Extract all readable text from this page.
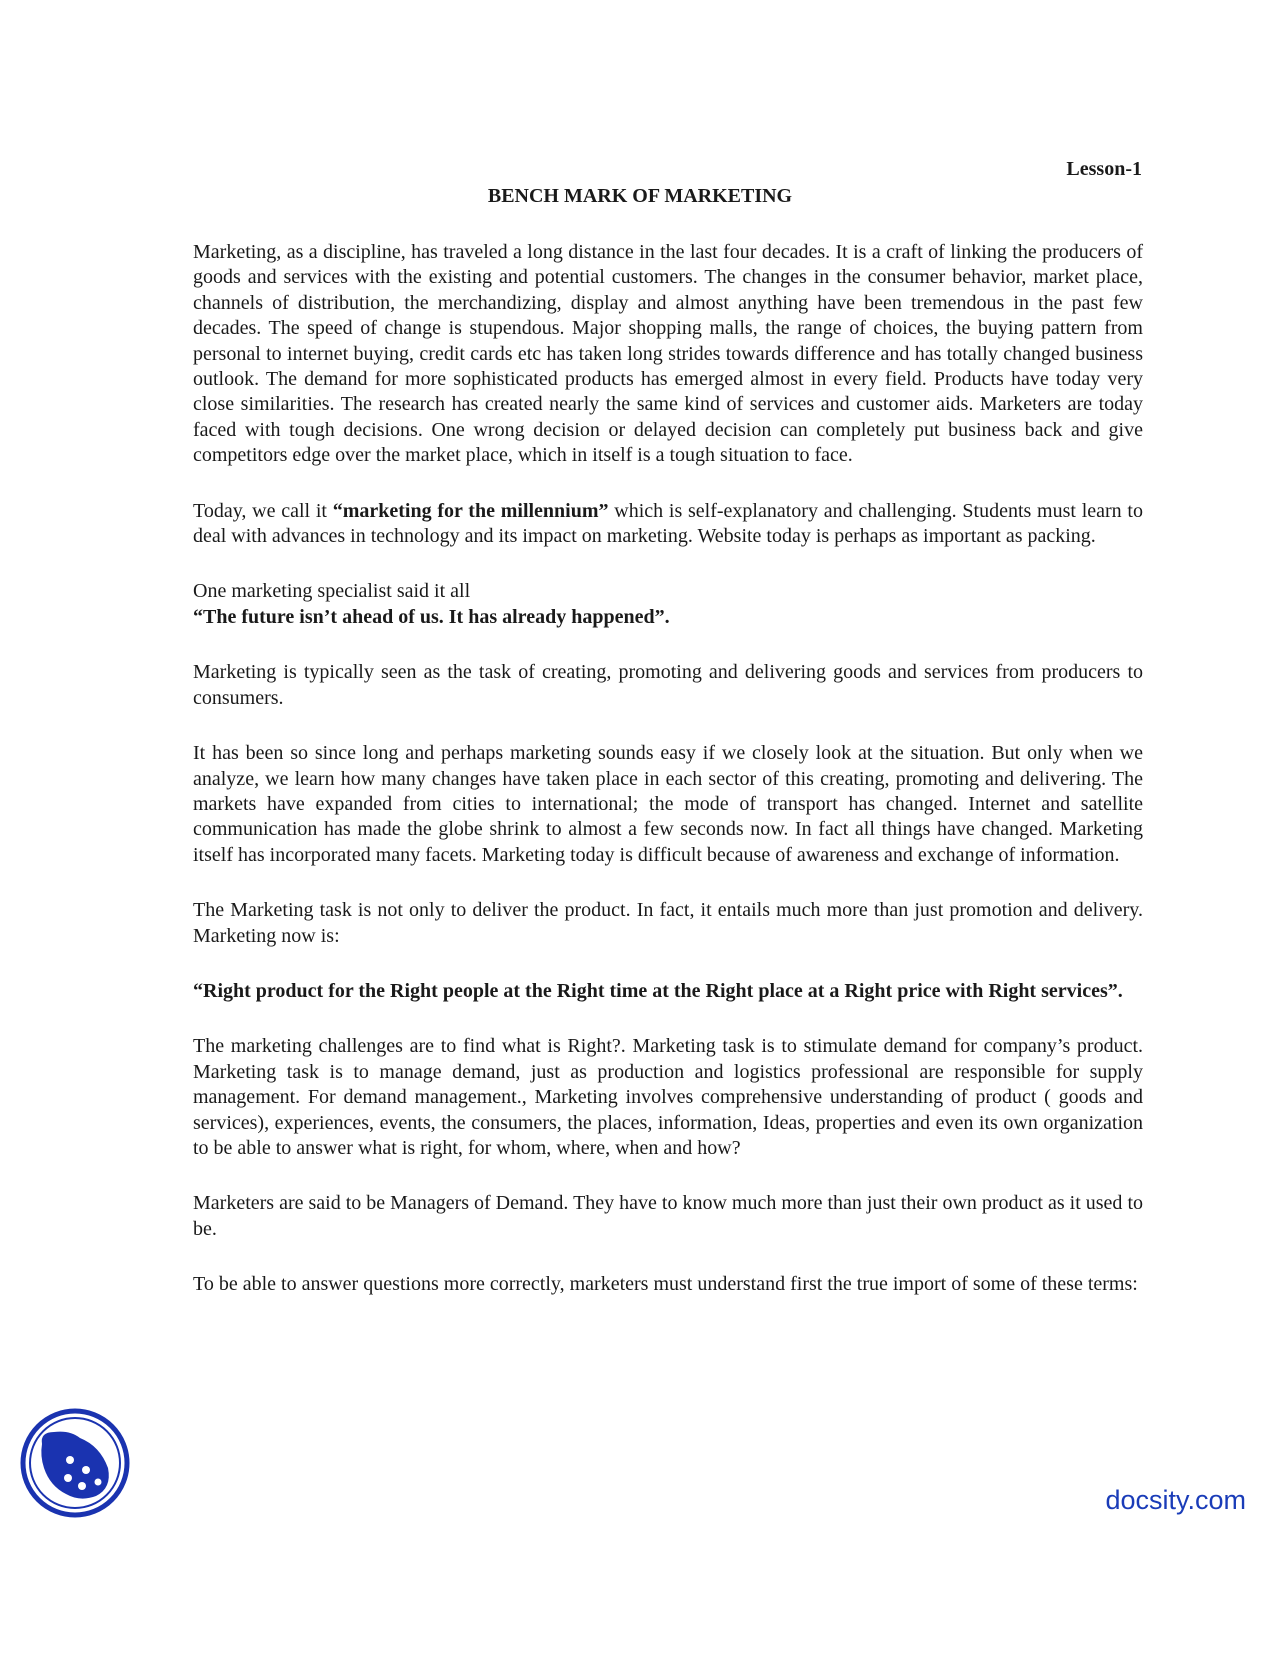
Lesson-1
BENCH MARK OF MARKETING

Marketing, as a discipline, has traveled a long distance in the last four decades. It is a craft of linking the producers of goods and services with the existing and potential customers. The changes in the consumer behavior, market place, channels of distribution, the merchandizing, display and almost anything have been tremendous in the past few decades. The speed of change is stupendous. Major shopping malls, the range of choices, the buying pattern from personal to internet buying, credit cards etc has taken long strides towards difference and has totally changed business outlook. The demand for more sophisticated products has emerged almost in every field. Products have today very close similarities. The research has created nearly the same kind of services and customer aids. Marketers are today faced with tough decisions. One wrong decision or delayed decision can completely put business back and give competitors edge over the market place, which in itself is a tough situation to face.

Today, we call it “marketing for the millennium” which is self-explanatory and challenging. Students must learn to deal with advances in technology and its impact on marketing. Website today is perhaps as important as packing.

One marketing specialist said it all

“The future isn’t ahead of us. It has already happened”.

Marketing is typically seen as the task of creating, promoting and delivering goods and services from producers to consumers.

It has been so since long and perhaps marketing sounds easy if we closely look at the situation. But only when we analyze, we learn how many changes have taken place in each sector of this creating, promoting and delivering. The markets have expanded from cities to international; the mode of transport has changed. Internet and satellite communication has made the globe shrink to almost a few seconds now. In fact all things have changed. Marketing itself has incorporated many facets. Marketing today is difficult because of awareness and exchange of information.

The Marketing task is not only to deliver the product. In fact, it entails much more than just promotion and delivery. Marketing now is:

“Right product for the Right people at the Right time at the Right place at a Right price with Right services”.

The marketing challenges are to find what is Right?. Marketing task is to stimulate demand for company’s product. Marketing task is to manage demand, just as production and logistics professional are responsible for supply management. For demand management., Marketing involves comprehensive understanding of product ( goods and services), experiences, events, the consumers, the places, information, Ideas, properties and even its own organization to be able to answer what is right, for whom, where, when and how?

Marketers are said to be Managers of Demand. They have to know much more than just their own product as it used to be.

To be able to answer questions more correctly, marketers must understand first the true import of some of these terms:

docsity.com
